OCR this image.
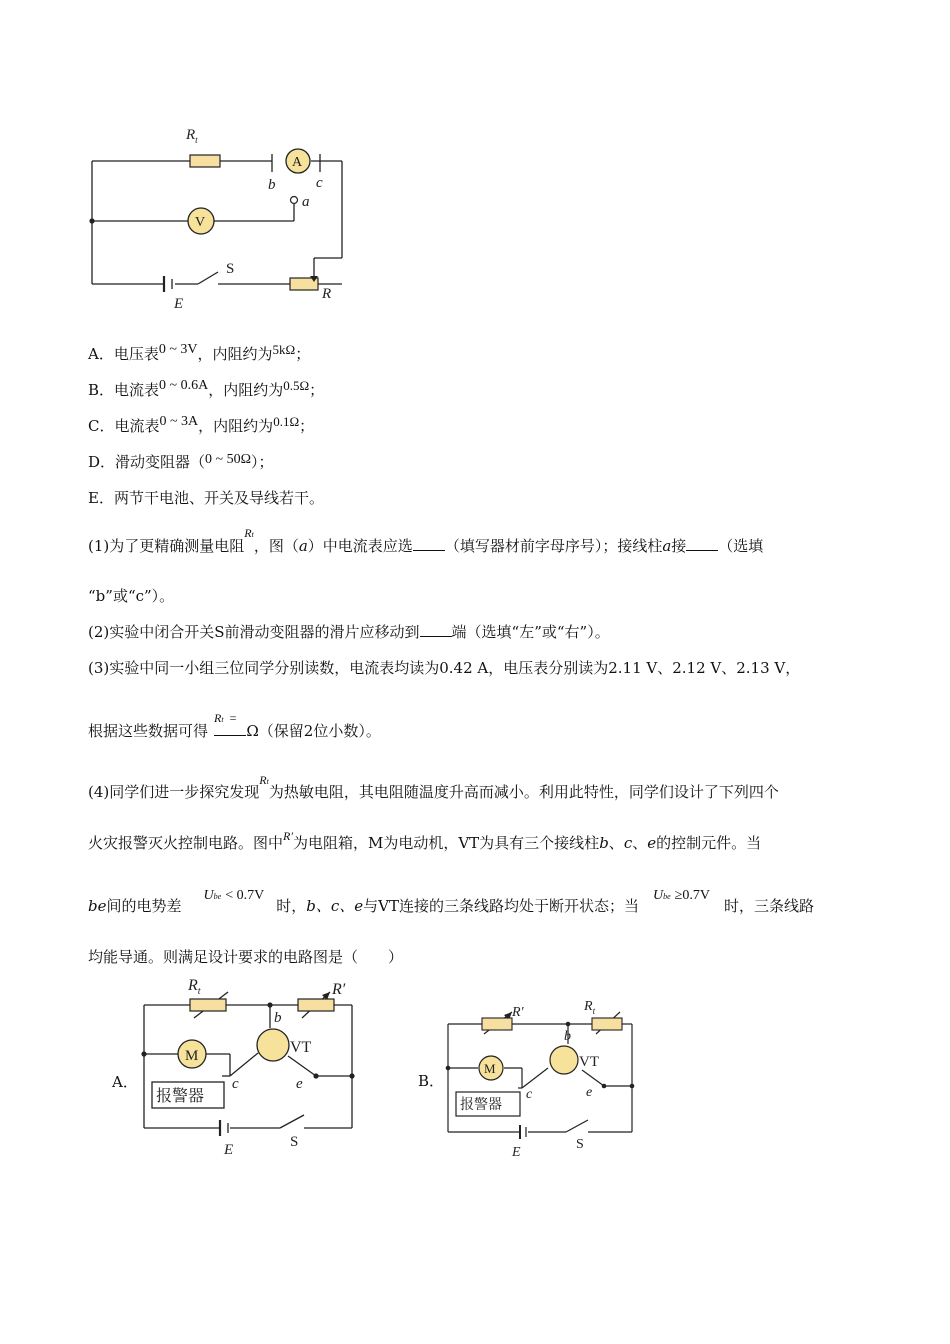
$R_t$
A
V
b	c
a
S
E
R
A．电压表0 ~ 3V，内阻约为5kΩ；
B．电流表0 ~ 0.6A，内阻约为0.5Ω；
C．电流表0 ~ 3A，内阻约为0.1Ω；
D．滑动变阻器（0 ~ 50Ω）；
E．两节干电池、开关及导线若干。
(1)为了更精确测量电阻$^{Rt}$，图（a）中电流表应选 （填写器材前字母序号）；接线柱a接 （选填
“b”或“c”）。
(2)实验中闭合开关S前滑动变阻器的滑片应移动到 端（选填“左”或“右”）。
(3)实验中同一小组三位同学分别读数，电流表均读为0.42 A，电压表分别读为2.11 V、2.12 V、2.13 V，
根据这些数据可得$^{Rt}$ =Ω（保留2位小数）。
(4)同学们进一步探究发现$^{Rt}$为热敏电阻，其电阻随温度升高而减小。利用此特性，同学们设计了下列四个
火灾报警灭火控制电路。图中$^{R'}$为电阻箱，M为电动机，VT为具有三个接线柱b、c、e的控制元件。当
be间的电势差Ube < 0.7V时，b、c、e与VT连接的三条线路均处于断开状态；当Ube ≥0.7V时，三条线路
均能导通。则满足设计要求的电路图是（　　）
A．
$R_t$	R′
VT
M
报警器
b
c	e
E	S
B．
R′	$R_t$
VT
M
报警器
b
c	e
E
S
